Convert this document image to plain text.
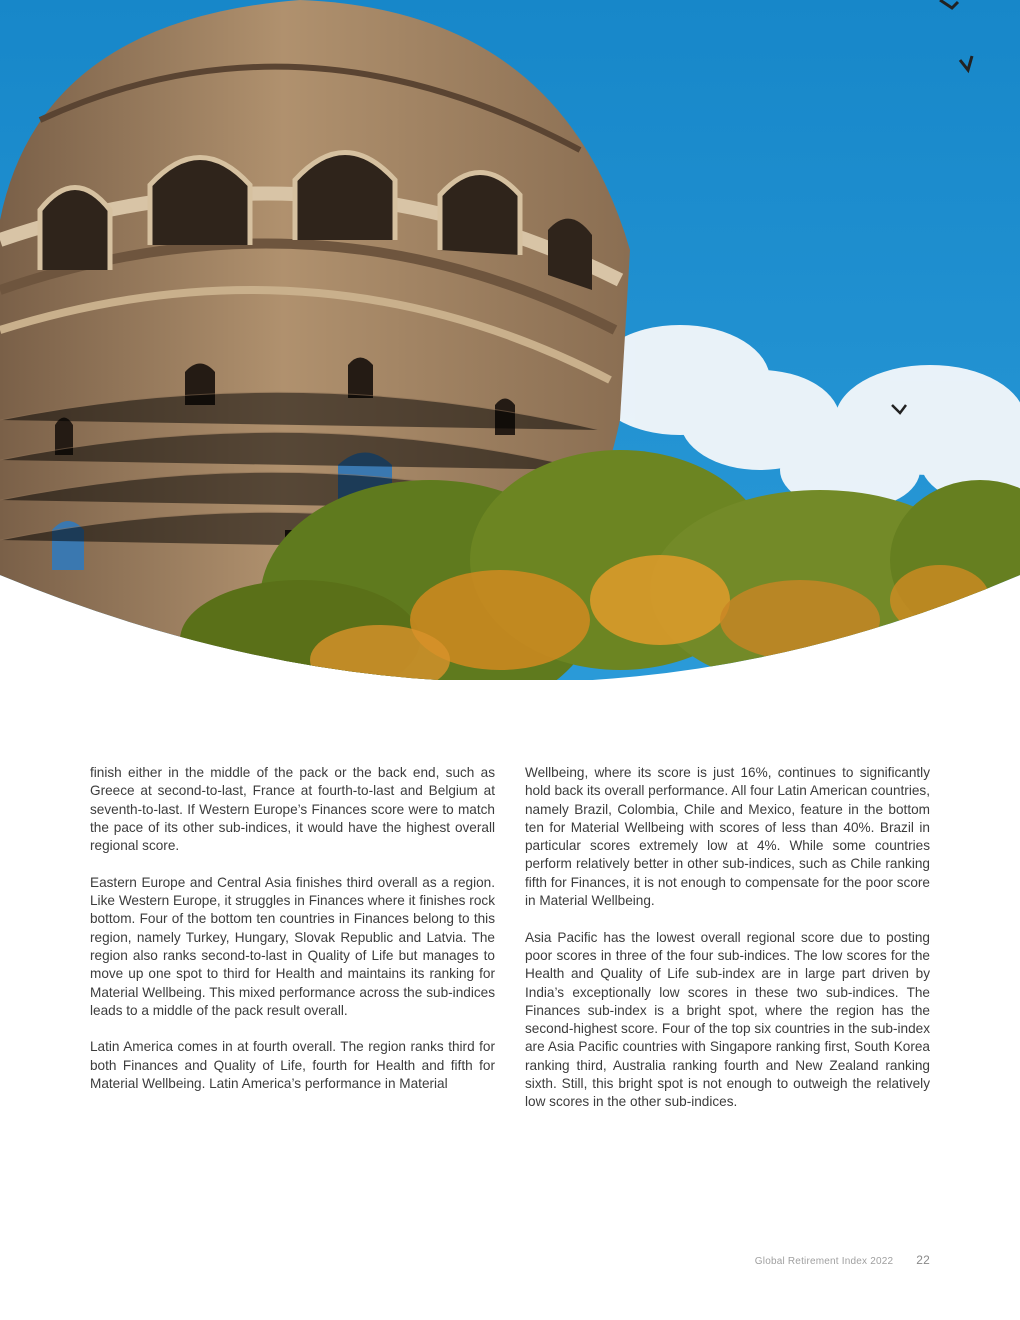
finish either in the middle of the pack or the back end, such as Greece at second-to-last, France at fourth-to-last and Belgium at seventh-to-last. If Western Europe’s Finances score were to match the pace of its other sub-indices, it would have the highest overall regional score.

Eastern Europe and Central Asia finishes third overall as a region. Like Western Europe, it struggles in Finances where it finishes rock bottom. Four of the bottom ten countries in Finances belong to this region, namely Turkey, Hungary, Slovak Republic and Latvia. The region also ranks second-to-last in Quality of Life but manages to move up one spot to third for Health and maintains its ranking for Material Wellbeing. This mixed performance across the sub-indices leads to a middle of the pack result overall.

Latin America comes in at fourth overall. The region ranks third for both Finances and Quality of Life, fourth for Health and fifth for Material Wellbeing. Latin America’s performance in Material

Wellbeing, where its score is just 16%, continues to significantly hold back its overall performance. All four Latin American countries, namely Brazil, Colombia, Chile and Mexico, feature in the bottom ten for Material Wellbeing with scores of less than 40%. Brazil in particular scores extremely low at 4%. While some countries perform relatively better in other sub-indices, such as Chile ranking fifth for Finances, it is not enough to compensate for the poor score in Material Wellbeing.

Asia Pacific has the lowest overall regional score due to posting poor scores in three of the four sub-indices. The low scores for the Health and Quality of Life sub-index are in large part driven by India’s exceptionally low scores in these two sub-indices. The Finances sub-index is a bright spot, where the region has the second-highest score. Four of the top six countries in the sub-index are Asia Pacific countries with Singapore ranking first, South Korea ranking third, Australia ranking fourth and New Zealand ranking sixth. Still, this bright spot is not enough to outweigh the relatively low scores in the other sub-indices.

Global Retirement Index 2022 22
